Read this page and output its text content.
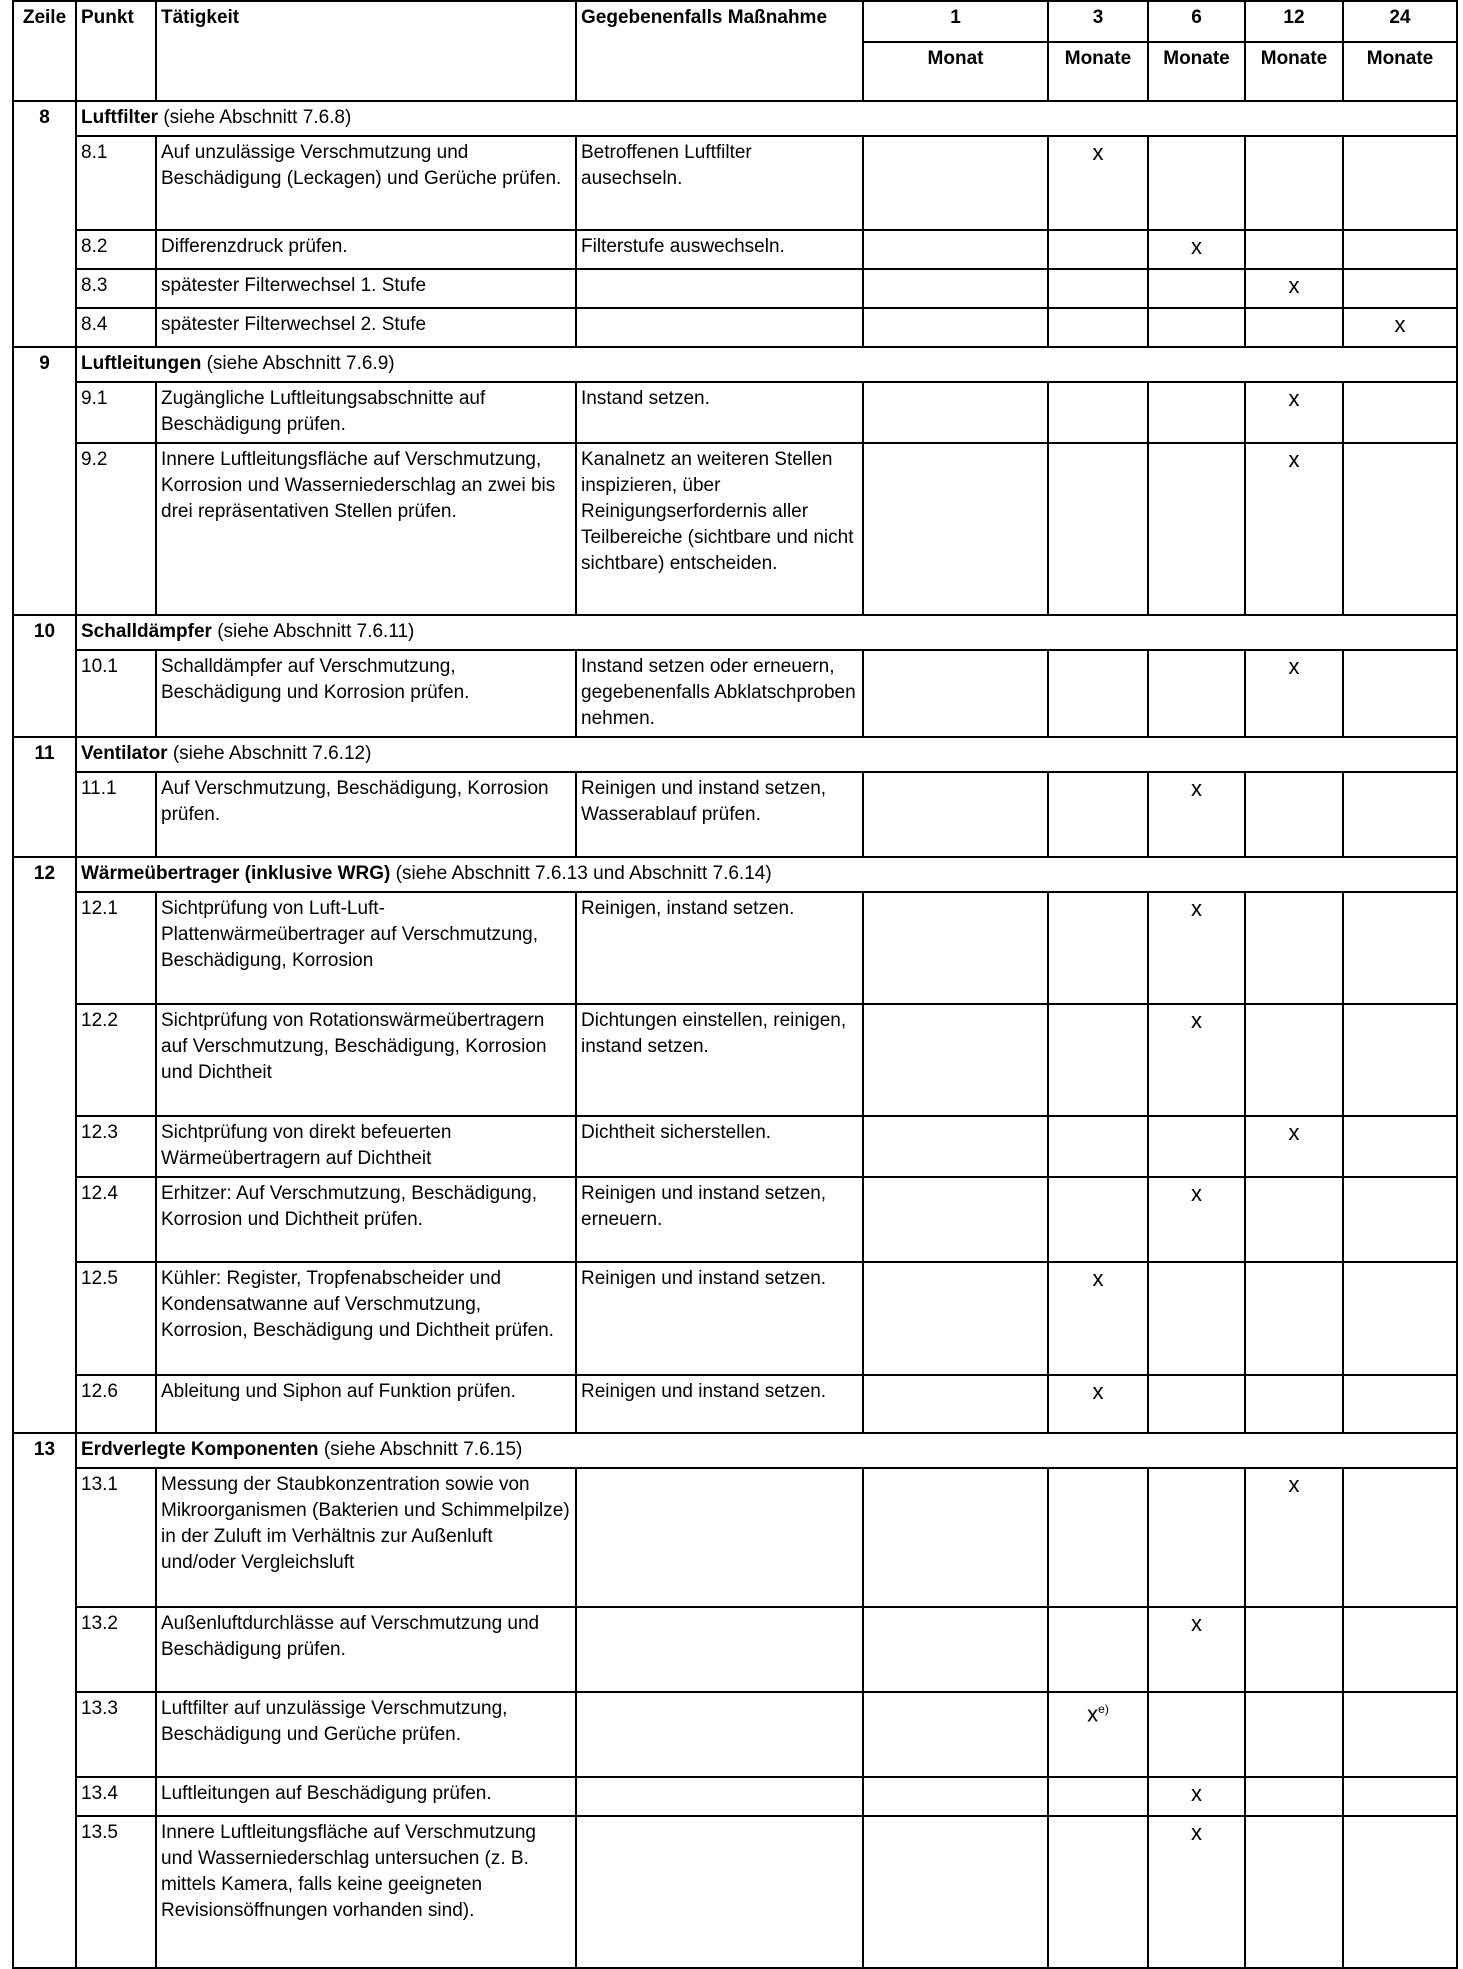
Zeile	Punkt	Tätigkeit	Gegebenenfalls Maßnahme	1	3	6	12	24
				Monat	Monate	Monate	Monate	Monate
8	Luftfilter (siehe Abschnitt 7.6.8)							
	8.1	Auf unzulässige Verschmutzung und Beschädigung (Leckagen) und Gerüche prüfen.	Betroffenen Luftfilter ausechseln.		x			
	8.2	Differenzdruck prüfen.	Filterstufe auswechseln.			x		
	8.3	spätester Filterwechsel 1. Stufe					x	
	8.4	spätester Filterwechsel 2. Stufe						x
9	Luftleitungen (siehe Abschnitt 7.6.9)							
	9.1	Zugängliche Luftleitungsabschnitte auf Beschädigung prüfen.	Instand setzen.				x	
	9.2	Innere Luftleitungsfläche auf Verschmutzung, Korrosion und Wasserniederschlag an zwei bis drei repräsentativen Stellen prüfen.	Kanalnetz an weiteren Stellen inspizieren, über Reinigungserfordernis aller Teilbereiche (sichtbare und nicht sichtbare) entscheiden.				x	
10	Schalldämpfer (siehe Abschnitt 7.6.11)							
	10.1	Schalldämpfer auf Verschmutzung, Beschädigung und Korrosion prüfen.	Instand setzen oder erneuern, gegebenenfalls Abklatschproben nehmen.				x	
11	Ventilator (siehe Abschnitt 7.6.12)							
	11.1	Auf Verschmutzung, Beschädigung, Korrosion prüfen.	Reinigen und instand setzen, Wasserablauf prüfen.			x		
12	Wärmeübertrager (inklusive WRG) (siehe Abschnitt 7.6.13 und Abschnitt 7.6.14)							
	12.1	Sichtprüfung von Luft-Luft-Plattenwärmeübertrager auf Verschmutzung, Beschädigung, Korrosion	Reinigen, instand setzen.			x		
	12.2	Sichtprüfung von Rotationswärmeübertragern auf Verschmutzung, Beschädigung, Korrosion und Dichtheit	Dichtungen einstellen, reinigen, instand setzen.			x		
	12.3	Sichtprüfung von direkt befeuerten Wärmeübertragern auf Dichtheit	Dichtheit sicherstellen.				x	
	12.4	Erhitzer: Auf Verschmutzung, Beschädigung, Korrosion und Dichtheit prüfen.	Reinigen und instand setzen, erneuern.			x		
	12.5	Kühler: Register, Tropfenabscheider und Kondensatwanne auf Verschmutzung, Korrosion, Beschädigung und Dichtheit prüfen.	Reinigen und instand setzen.		x			
	12.6	Ableitung und Siphon auf Funktion prüfen.	Reinigen und instand setzen.		x			
13	Erdverlegte Komponenten (siehe Abschnitt 7.6.15)							
	13.1	Messung der Staubkonzentration sowie von Mikroorganismen (Bakterien und Schimmelpilze) in der Zuluft im Verhältnis zur Außenluft und/oder Vergleichsluft					x	
	13.2	Außenluftdurchlässe auf Verschmutzung und Beschädigung prüfen.				x		
	13.3	Luftfilter auf unzulässige Verschmutzung, Beschädigung und Gerüche prüfen.			$x^{e)}$			
	13.4	Luftleitungen auf Beschädigung prüfen.				x		
	13.5	Innere Luftleitungsfläche auf Verschmutzung und Wasserniederschlag untersuchen (z. B. mittels Kamera, falls keine geeigneten Revisionsöffnungen vorhanden sind).				x		
